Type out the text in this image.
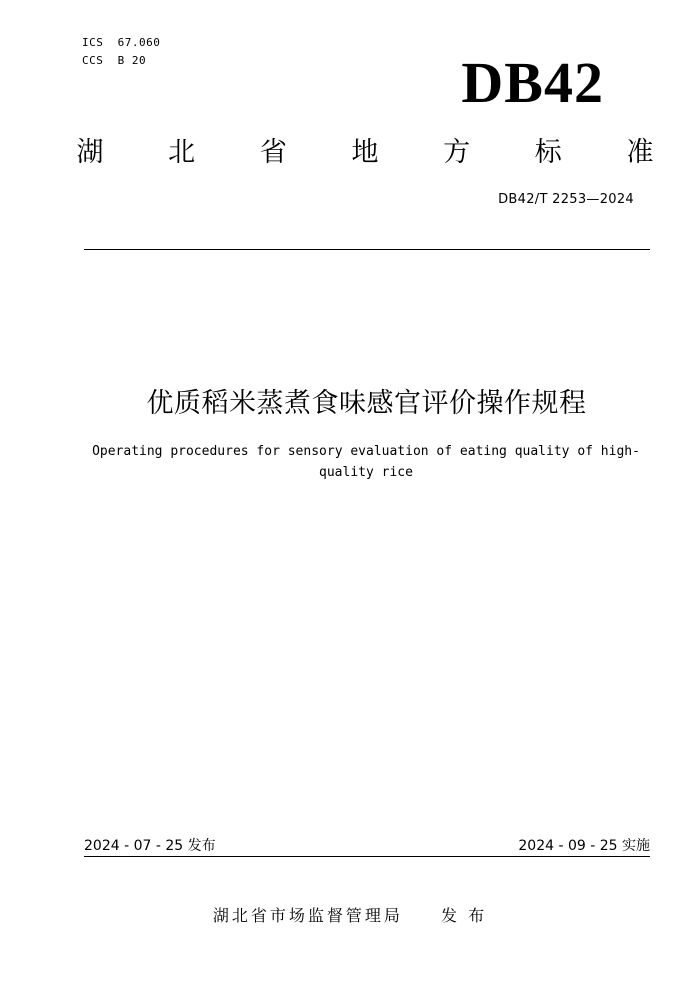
ICS  67.060
CCS  B 20	DB42
湖 北 省 地 方 标 准
DB42/T 2253—2024
优质稻米蒸煮食味感官评价操作规程
Operating procedures for sensory evaluation of eating quality of high-quality rice
2024 - 07 - 25 发布	2024 - 09 - 25 实施
湖北省市场监督管理局 发 布
